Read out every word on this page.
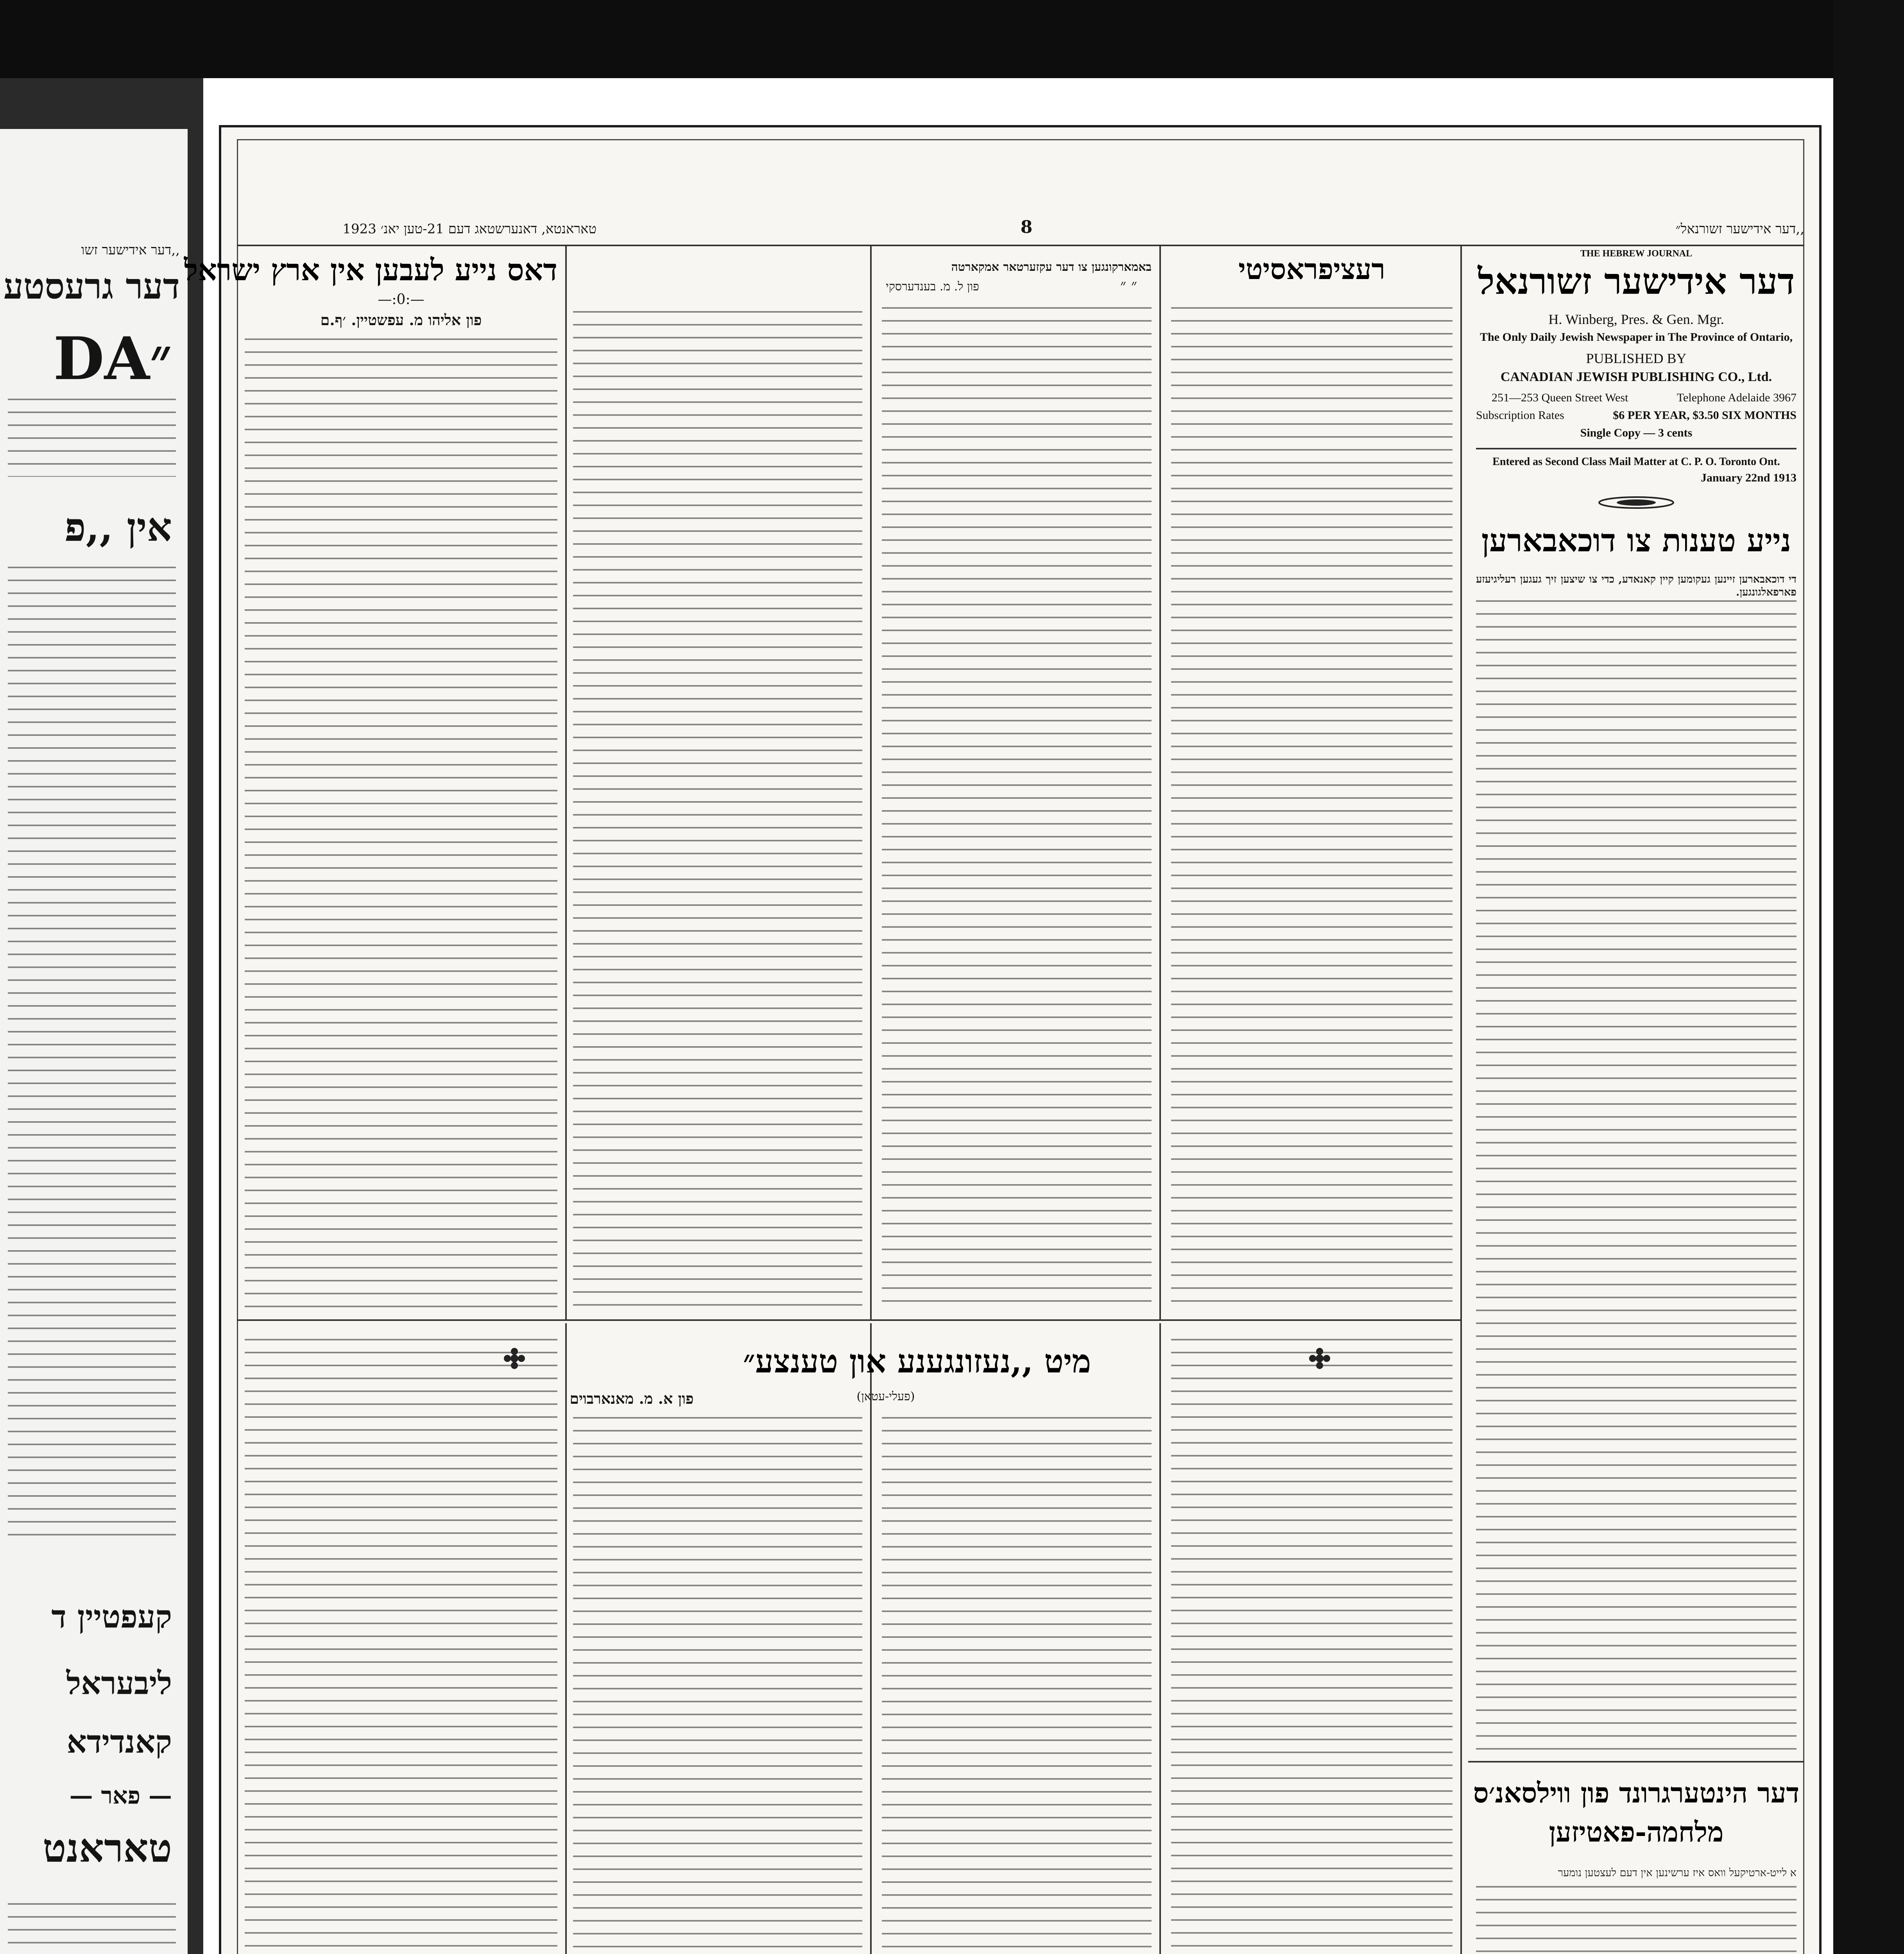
,,דער אידישער זשו
דער גרעסטע
DA״
אין ,,פ
קעפטיין ד
ליבעראל
קאנדידא
— פאר —
טאראנט
,,דער אידישער זשורנאל״
8
טאראנטא, דאנערשטאג דעם 21-טען יאנ׳ 1923
THE HEBREW JOURNAL
דער אידישער זשורנאל
H. Winberg, Pres. & Gen. Mgr.
The Only Daily Jewish Newspaper in The Province of Ontario,
PUBLISHED BY
CANADIAN JEWISH PUBLISHING CO., Ltd.
251—253 Queen Street West	Telephone Adelaide 3967
Subscription Rates	$6 PER YEAR, $3.50 SIX MONTHS
Single Copy — 3 cents
Entered as Second Class Mail Matter at C. P. O. Toronto Ont.
January 22nd 1913
נייע טענות צו דוכאבארען
די דוכאבארען זיינען געקומען קיין קאנאדע, כדי צו שיצען זיך געגען רעליגיעזע פארפאלגונגען.
דער הינטערגרונד פון ווילסאנ׳ס
מלחמה-פאטיזען
א לייט-ארטיקעל וואס איז ערשינען אין דעם לעצטען נומער
רעציפראסיטי
באמארקונגען צו דער עקזערטאר אמקארטה
פון ל. מ. בענדערסקי	״ ״
דאס נייע לעבען אין ארץ ישראל
—:0:—
פון אליהו מ. עפשטיין. ׳ף.ם
מיט ,,נעזונגענע און טענצע״
פון א. מ. מאנארבוים	(פעלי-עטאן)
